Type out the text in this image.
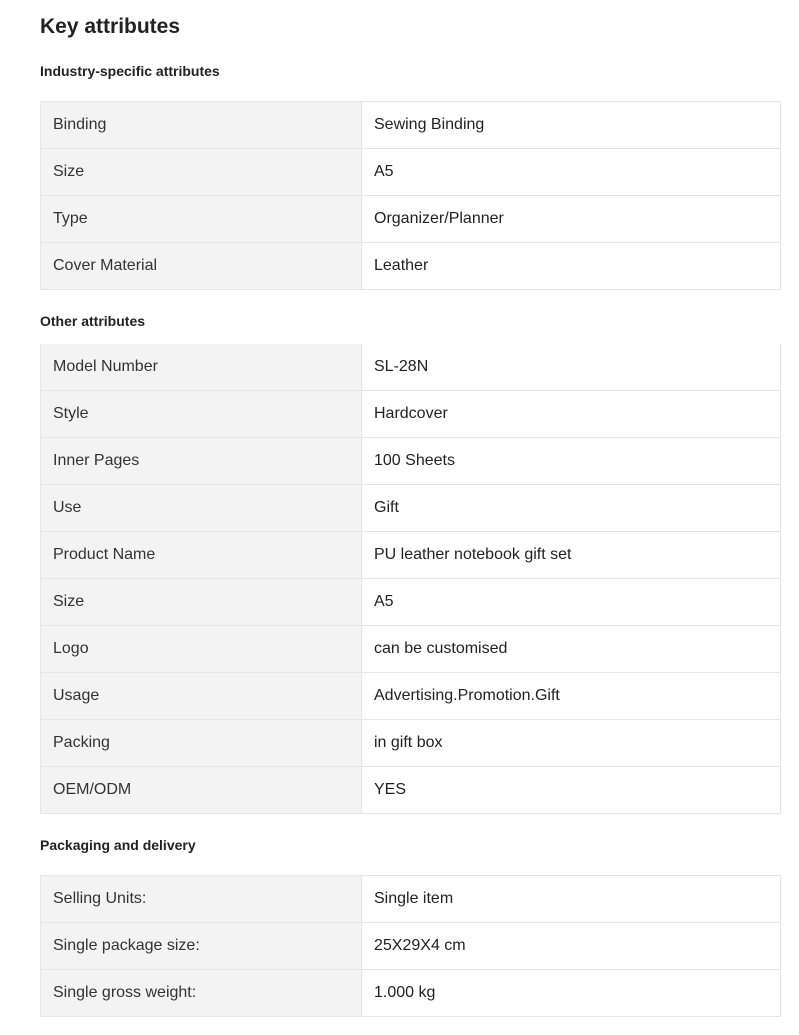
Key attributes
Industry-specific attributes
Binding	Sewing Binding
Size	A5
Type	Organizer/Planner
Cover Material	Leather
Other attributes
Model Number	SL-28N
Style	Hardcover
Inner Pages	100 Sheets
Use	Gift
Product Name	PU leather notebook gift set
Size	A5
Logo	can be customised
Usage	Advertising.Promotion.Gift
Packing	in gift box
OEM/ODM	YES
Packaging and delivery
Selling Units:	Single item
Single package size:	25X29X4 cm
Single gross weight:	1.000 kg
